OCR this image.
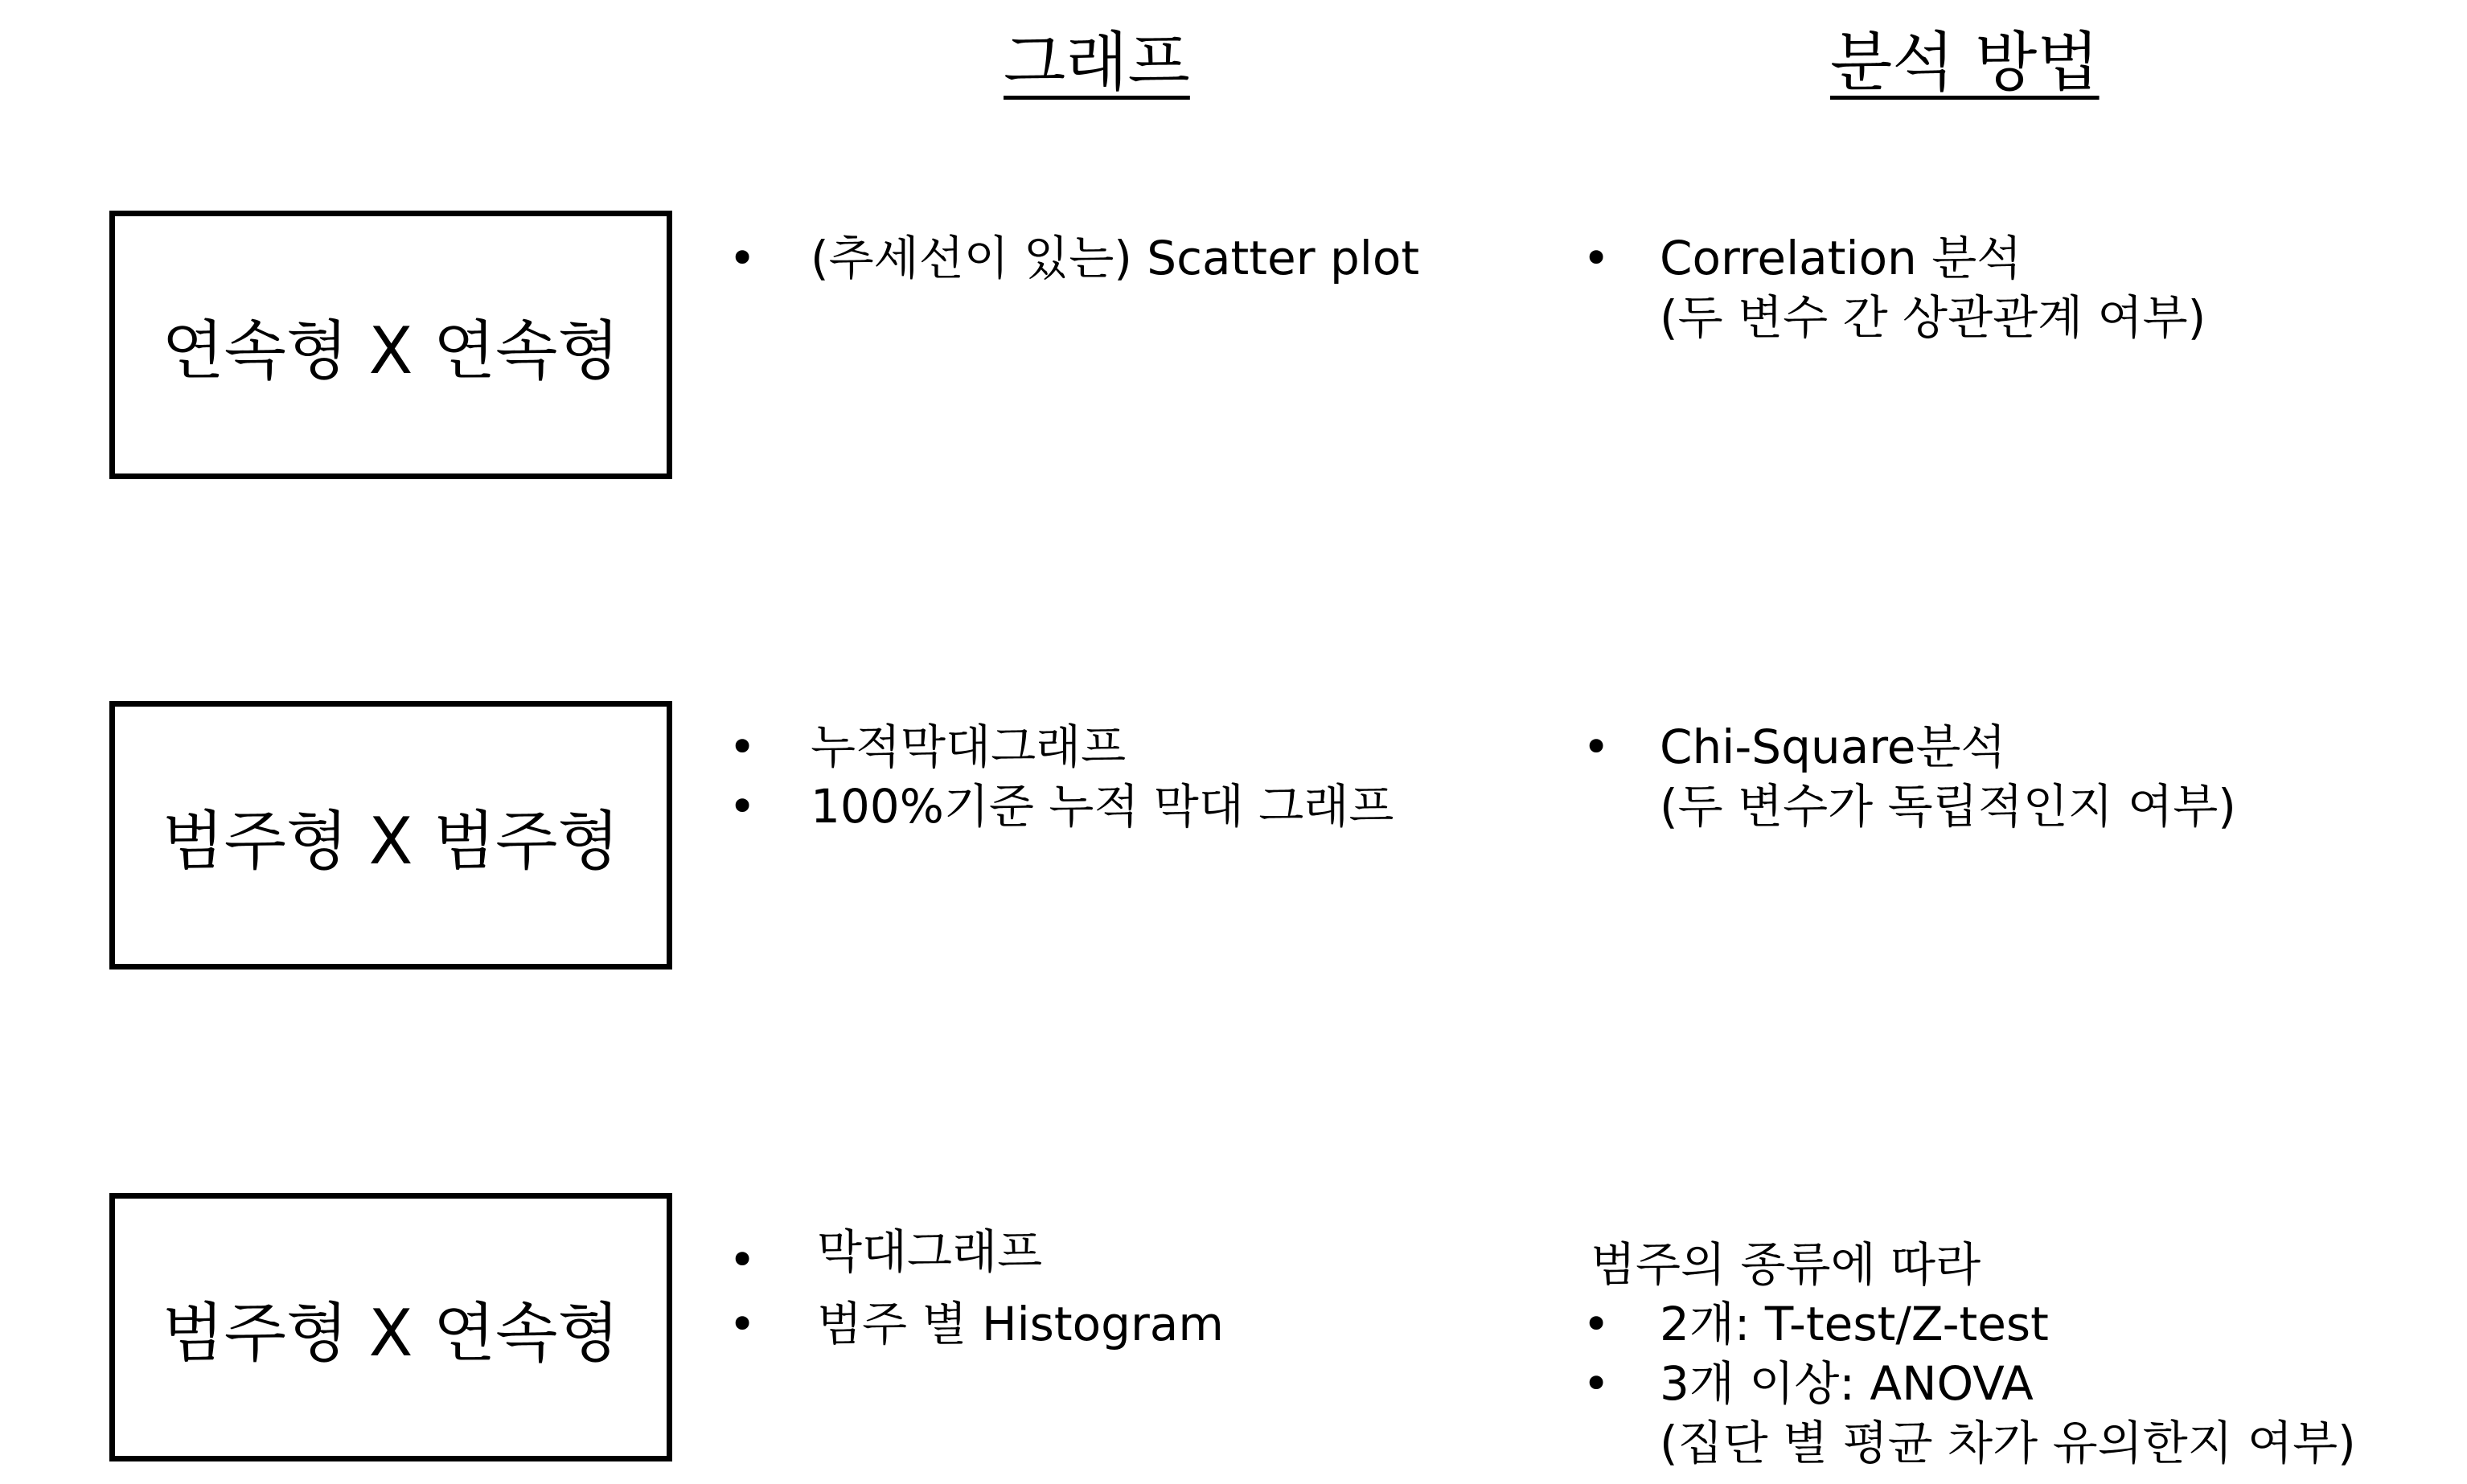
그래프	분석 방법
연속형 X 연속형
• (추세선이 있는) Scatter plot	• Correlation 분석
(두 변수 간 상관관계 여부)
범주형 X 범주형
• 누적막대그래프
• 100%기준 누적 막대 그래프
• Chi-Square분석
(두 변수가 독립적인지 여부)
범주형 X 연속형
• 막대그래프
• 범주 별 Histogram
범주의 종류에 따라
• 2개: T-test/Z-test
• 3개 이상: ANOVA
(집단 별 평균 차가 유의한지 여부)
